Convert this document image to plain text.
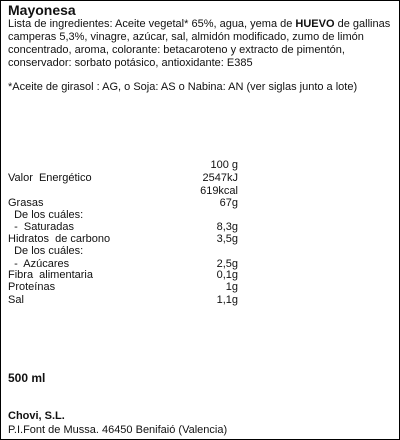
Mayonesa

Lista de ingredientes: Aceite vegetal* 65%, agua, yema de HUEVO de gallinas camperas 5,3%, vinagre, azúcar, sal, almidón modificado, zumo de limón concentrado, aroma, colorante: betacaroteno y extracto de pimentón, conservador: sorbato potásico, antioxidante: E385

*Aceite de girasol : AG, o Soja: AS o Nabina: AN (ver siglas junto a lote)

100 g
Valor  Energético	2547kJ
619kcal
Grasas	67g
De los cuáles:
-  Saturadas	8,3g
Hidratos  de carbono	3,5g
De los cuáles:
-  Azúcares	2,5g
Fibra  alimentaria	0,1g
Proteínas	1g
Sal	1,1g
500 ml
Chovi, S.L.
P.I.Font de Mussa. 46450 Benifaió (Valencia)
